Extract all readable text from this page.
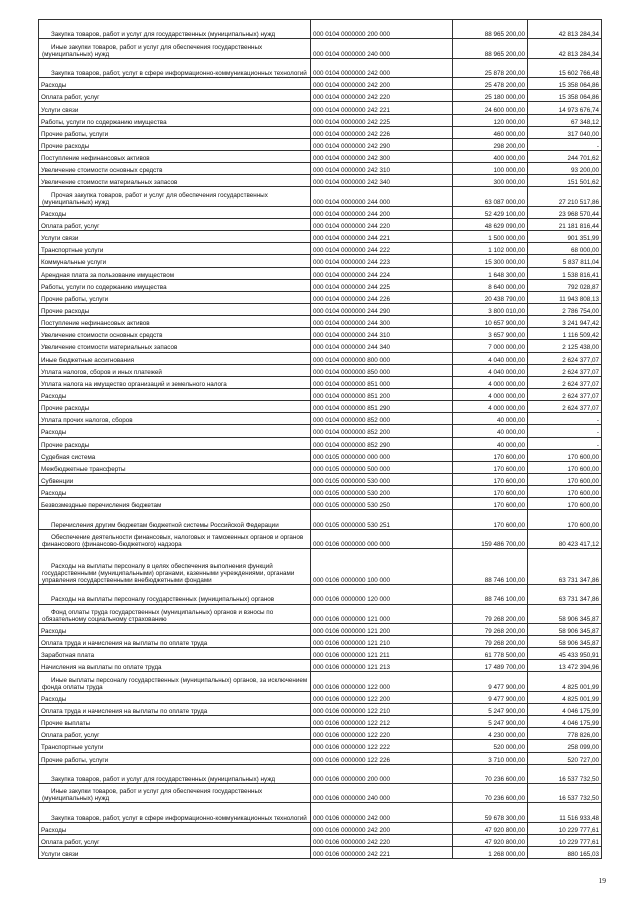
Закупка товаров, работ и услуг для государственных (муниципальных) нужд	000 0104 0000000 200 000	88 965 200,00	42 813 284,34

Иные закупки товаров, работ и услуг для обеспечения государственных (муниципальных) нужд	000 0104 0000000 240 000	88 965 200,00	42 813 284,34

Закупка товаров, работ, услуг в сфере информационно-коммуникационных технологий	000 0104 0000000 242 000	25 878 200,00	15 602 766,48
Расходы	000 0104 0000000 242 200	25 478 200,00	15 358 064,86
Оплата работ, услуг	000 0104 0000000 242 220	25 180 000,00	15 358 064,86
Услуги связи	000 0104 0000000 242 221	24 600 000,00	14 973 676,74
Работы, услуги по содержанию имущества	000 0104 0000000 242 225	120 000,00	67 348,12
Прочие работы, услуги	000 0104 0000000 242 226	460 000,00	317 040,00
Прочие расходы	000 0104 0000000 242 290	298 200,00	-
Поступление нефинансовых активов	000 0104 0000000 242 300	400 000,00	244 701,62
Увеличение стоимости основных средств	000 0104 0000000 242 310	100 000,00	93 200,00
Увеличение стоимости материальных запасов	000 0104 0000000 242 340	300 000,00	151 501,62

Прочая закупка товаров, работ и услуг для обеспечения государственных (муниципальных) нужд	000 0104 0000000 244 000	63 087 000,00	27 210 517,86
Расходы	000 0104 0000000 244 200	52 429 100,00	23 968 570,44
Оплата работ, услуг	000 0104 0000000 244 220	48 629 090,00	21 181 816,44
Услуги связи	000 0104 0000000 244 221	1 500 000,00	901 351,99
Транспортные услуги	000 0104 0000000 244 222	1 102 000,00	68 000,00
Коммунальные услуги	000 0104 0000000 244 223	15 300 000,00	5 837 811,04
Арендная плата за пользование имуществом	000 0104 0000000 244 224	1 648 300,00	1 538 816,41
Работы, услуги по содержанию имущества	000 0104 0000000 244 225	8 640 000,00	792 028,87
Прочие работы, услуги	000 0104 0000000 244 226	20 438 790,00	11 943 808,13
Прочие расходы	000 0104 0000000 244 290	3 800 010,00	2 786 754,00
Поступление нефинансовых активов	000 0104 0000000 244 300	10 657 900,00	3 241 947,42
Увеличение стоимости основных средств	000 0104 0000000 244 310	3 657 900,00	1 116 509,42
Увеличение стоимости материальных запасов	000 0104 0000000 244 340	7 000 000,00	2 125 438,00
Иные бюджетные ассигнования	000 0104 0000000 800 000	4 040 000,00	2 624 377,07
Уплата налогов, сборов и иных платежей	000 0104 0000000 850 000	4 040 000,00	2 624 377,07
Уплата налога на имущество организаций и земельного налога	000 0104 0000000 851 000	4 000 000,00	2 624 377,07
Расходы	000 0104 0000000 851 200	4 000 000,00	2 624 377,07
Прочие расходы	000 0104 0000000 851 290	4 000 000,00	2 624 377,07
Уплата прочих налогов, сборов	000 0104 0000000 852 000	40 000,00	-
Расходы	000 0104 0000000 852 200	40 000,00	-
Прочие расходы	000 0104 0000000 852 290	40 000,00	-
Судебная система	000 0105 0000000 000 000	170 600,00	170 600,00
Межбюджетные трансферты	000 0105 0000000 500 000	170 600,00	170 600,00
Субвенции	000 0105 0000000 530 000	170 600,00	170 600,00
Расходы	000 0105 0000000 530 200	170 600,00	170 600,00
Безвозмездные перечисления бюджетам	000 0105 0000000 530 250	170 600,00	170 600,00

Перечисления другим бюджетам бюджетной системы Российской Федерации	000 0105 0000000 530 251	170 600,00	170 600,00

Обеспечение деятельности финансовых, налоговых и таможенных органов и органов финансового (финансово-бюджетного) надзора	000 0106 0000000 000 000	159 486 700,00	80 423 417,12

Расходы на выплаты персоналу в целях обеспечения выполнения функций государственными (муниципальными) органами, казенными учреждениями, органами управления государственными внебюджетными фондами	000 0106 0000000 100 000	88 746 100,00	63 731 347,86

Расходы на выплаты персоналу государственных (муниципальных) органов	000 0106 0000000 120 000	88 746 100,00	63 731 347,86

Фонд оплаты труда государственных (муниципальных) органов и взносы по обязательному социальному страхованию	000 0106 0000000 121 000	79 268 200,00	58 906 345,87
Расходы	000 0106 0000000 121 200	79 268 200,00	58 906 345,87
Оплата труда и начисления на выплаты по оплате труда	000 0106 0000000 121 210	79 268 200,00	58 906 345,87
Заработная плата	000 0106 0000000 121 211	61 778 500,00	45 433 950,91
Начисления на выплаты по оплате труда	000 0106 0000000 121 213	17 489 700,00	13 472 394,96

Иные выплаты персоналу государственных (муниципальных) органов, за исключением фонда оплаты труда	000 0106 0000000 122 000	9 477 900,00	4 825 001,99
Расходы	000 0106 0000000 122 200	9 477 900,00	4 825 001,99
Оплата труда и начисления на выплаты по оплате труда	000 0106 0000000 122 210	5 247 900,00	4 046 175,99
Прочие выплаты	000 0106 0000000 122 212	5 247 900,00	4 046 175,99
Оплата работ, услуг	000 0106 0000000 122 220	4 230 000,00	778 826,00
Транспортные услуги	000 0106 0000000 122 222	520 000,00	258 099,00
Прочие работы, услуги	000 0106 0000000 122 226	3 710 000,00	520 727,00

Закупка товаров, работ и услуг для государственных (муниципальных) нужд	000 0106 0000000 200 000	70 236 600,00	16 537 732,50

Иные закупки товаров, работ и услуг для обеспечения государственных (муниципальных) нужд	000 0106 0000000 240 000	70 236 600,00	16 537 732,50

Закупка товаров, работ, услуг в сфере информационно-коммуникационных технологий	000 0106 0000000 242 000	59 678 300,00	11 516 933,48
Расходы	000 0106 0000000 242 200	47 920 800,00	10 229 777,61
Оплата работ, услуг	000 0106 0000000 242 220	47 920 800,00	10 229 777,61
Услуги связи	000 0106 0000000 242 221	1 268 000,00	880 165,03
19
